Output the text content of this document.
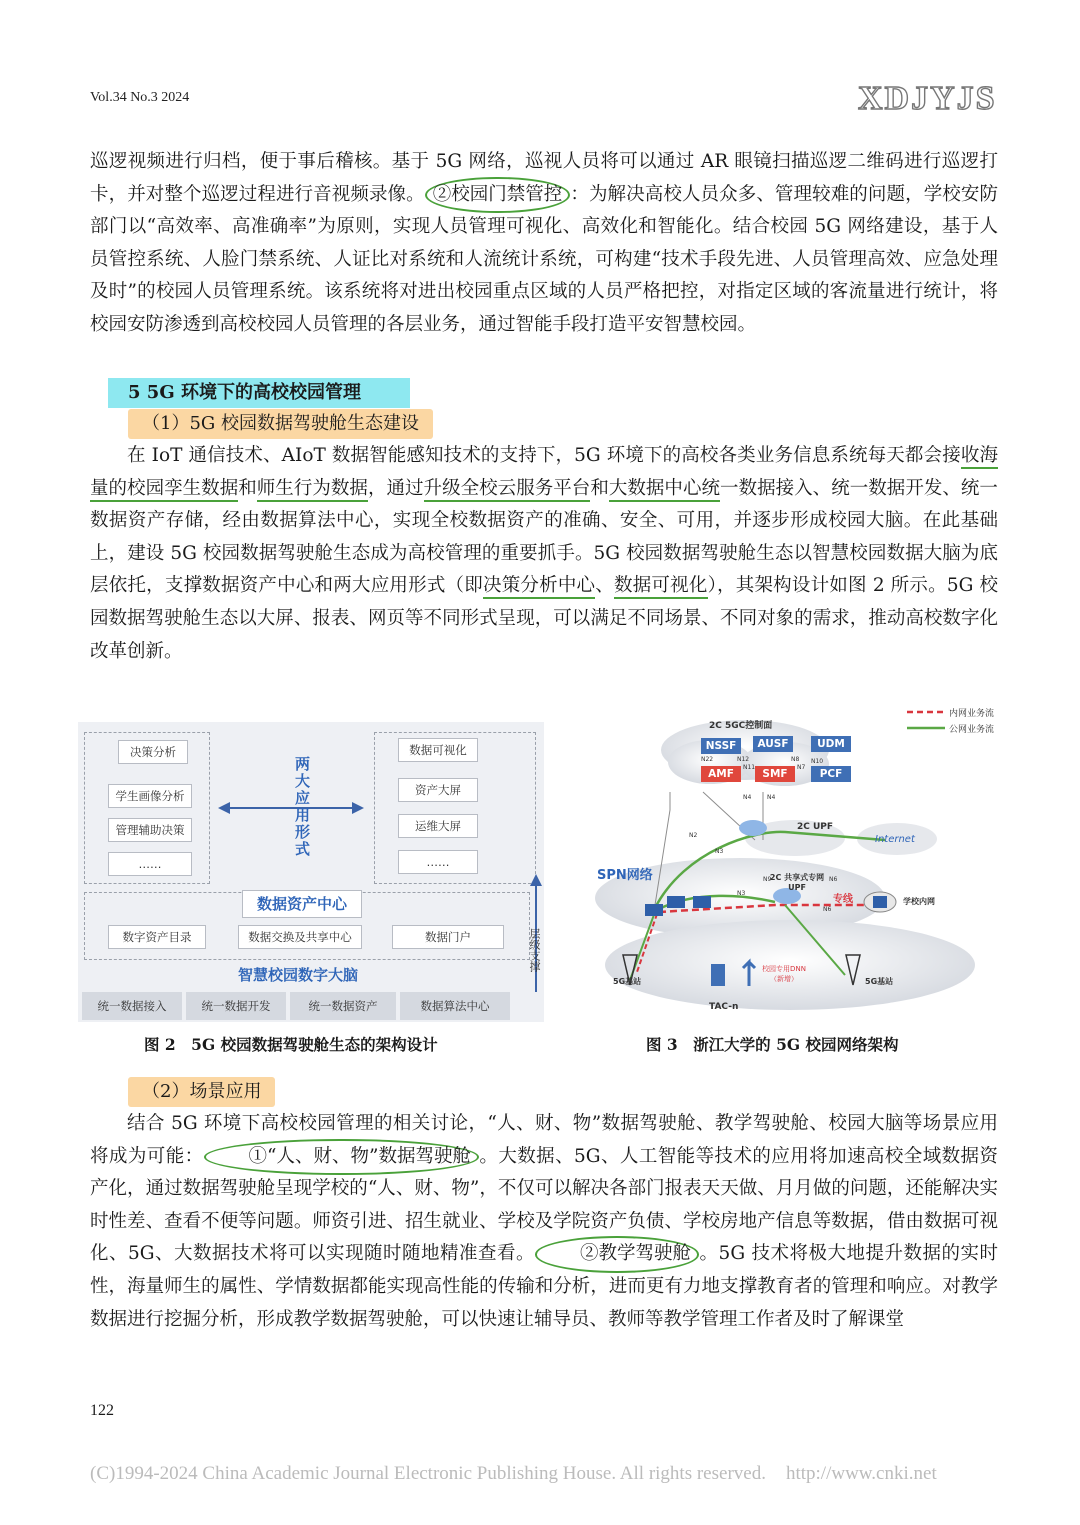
Vol.34 No.3 2024	XDJYJS

巡逻视频进行归档，便于事后稽核。基于 5G 网络，巡视人员将可以通过 AR 眼镜扫描巡逻二维码进行巡逻打卡，并对整个巡逻过程进行音视频录像。 ②校园门禁管控 ：为解决高校人员众多、管理较难的问题，学校安防部门以“高效率、高准确率”为原则，实现人员管理可视化、高效化和智能化。结合校园 5G 网络建设，基于人员管控系统、人脸门禁系统、人证比对系统和人流统计系统，可构建“技术手段先进、人员管理高效、应急处理及时”的校园人员管理系统。该系统将对进出校园重点区域的人员严格把控，对指定区域的客流量进行统计，将校园安防渗透到高校校园人员管理的各层业务，通过智能手段打造平安智慧校园。

5 5G 环境下的高校校园管理
（1）5G 校园数据驾驶舱生态建设

在 IoT 通信技术、AIoT 数据智能感知技术的支持下，5G 环境下的高校各类业务信息系统每天都会接收海量的校园孪生数据和师生行为数据，通过升级全校云服务平台和大数据中心统一数据接入、统一数据开发、统一数据资产存储，经由数据算法中心，实现全校数据资产的准确、安全、可用，并逐步形成校园大脑。在此基础上，建设 5G 校园数据驾驶舱生态成为高校管理的重要抓手。5G 校园数据驾驶舱生态以智慧校园数据大脑为底层依托，支撑数据资产中心和两大应用形式（即决策分析中心、数据可视化），其架构设计如图 2 所示。5G 校园数据驾驶舱生态以大屏、报表、网页等不同形式呈现，可以满足不同场景、不同对象的需求，推动高校数字化改革创新。

决策分析
学生画像分析
管理辅助决策
……
数据可视化
资产大屏
运维大屏
……
两大应用形式
数据资产中心
数字资产目录	数据交换及共享中心	数据门户
智慧校园数字大脑
统一数据接入	统一数据开发	统一数据资产	数据算法中心
层级支撑
图 2　5G 校园数据驾驶舱生态的架构设计
内网业务流
公网业务流
2C 5GC控制面
NSSF	AUSF	UDM
AMF	SMF	PCF
N22	N12	N8 N10
N11	N7
N4	N4
N2
N3
N3
N6
N6
N9
2C UPF
Internet
SPN网络	2C 共享式专网 UPF
专线	学校内网
5G基站	5G基站
校园专用DNN（新增）
TAC-n
图 3　浙江大学的 5G 校园网络架构
（2）场景应用

结合 5G 环境下高校校园管理的相关讨论，“人、财、物”数据驾驶舱、教学驾驶舱、校园大脑等场景应用将成为可能： ①“人、财、物”数据驾驶舱 。大数据、5G、人工智能等技术的应用将加速高校全域数据资产化，通过数据驾驶舱呈现学校的“人、财、物”，不仅可以解决各部门报表天天做、月月做的问题，还能解决实时性差、查看不便等问题。师资引进、招生就业、学校及学院资产负债、学校房地产信息等数据，借由数据可视化、5G、大数据技术将可以实现随时随地精准查看。 ②教学驾驶舱 。5G 技术将极大地提升数据的实时性，海量师生的属性、学情数据都能实现高性能的传输和分析，进而更有力地支撑教育者的管理和响应。对教学数据进行挖掘分析，形成教学数据驾驶舱，可以快速让辅导员、教师等教学管理工作者及时了解课堂

122
(C)1994-2024 China Academic Journal Electronic Publishing House. All rights reserved. http://www.cnki.net
